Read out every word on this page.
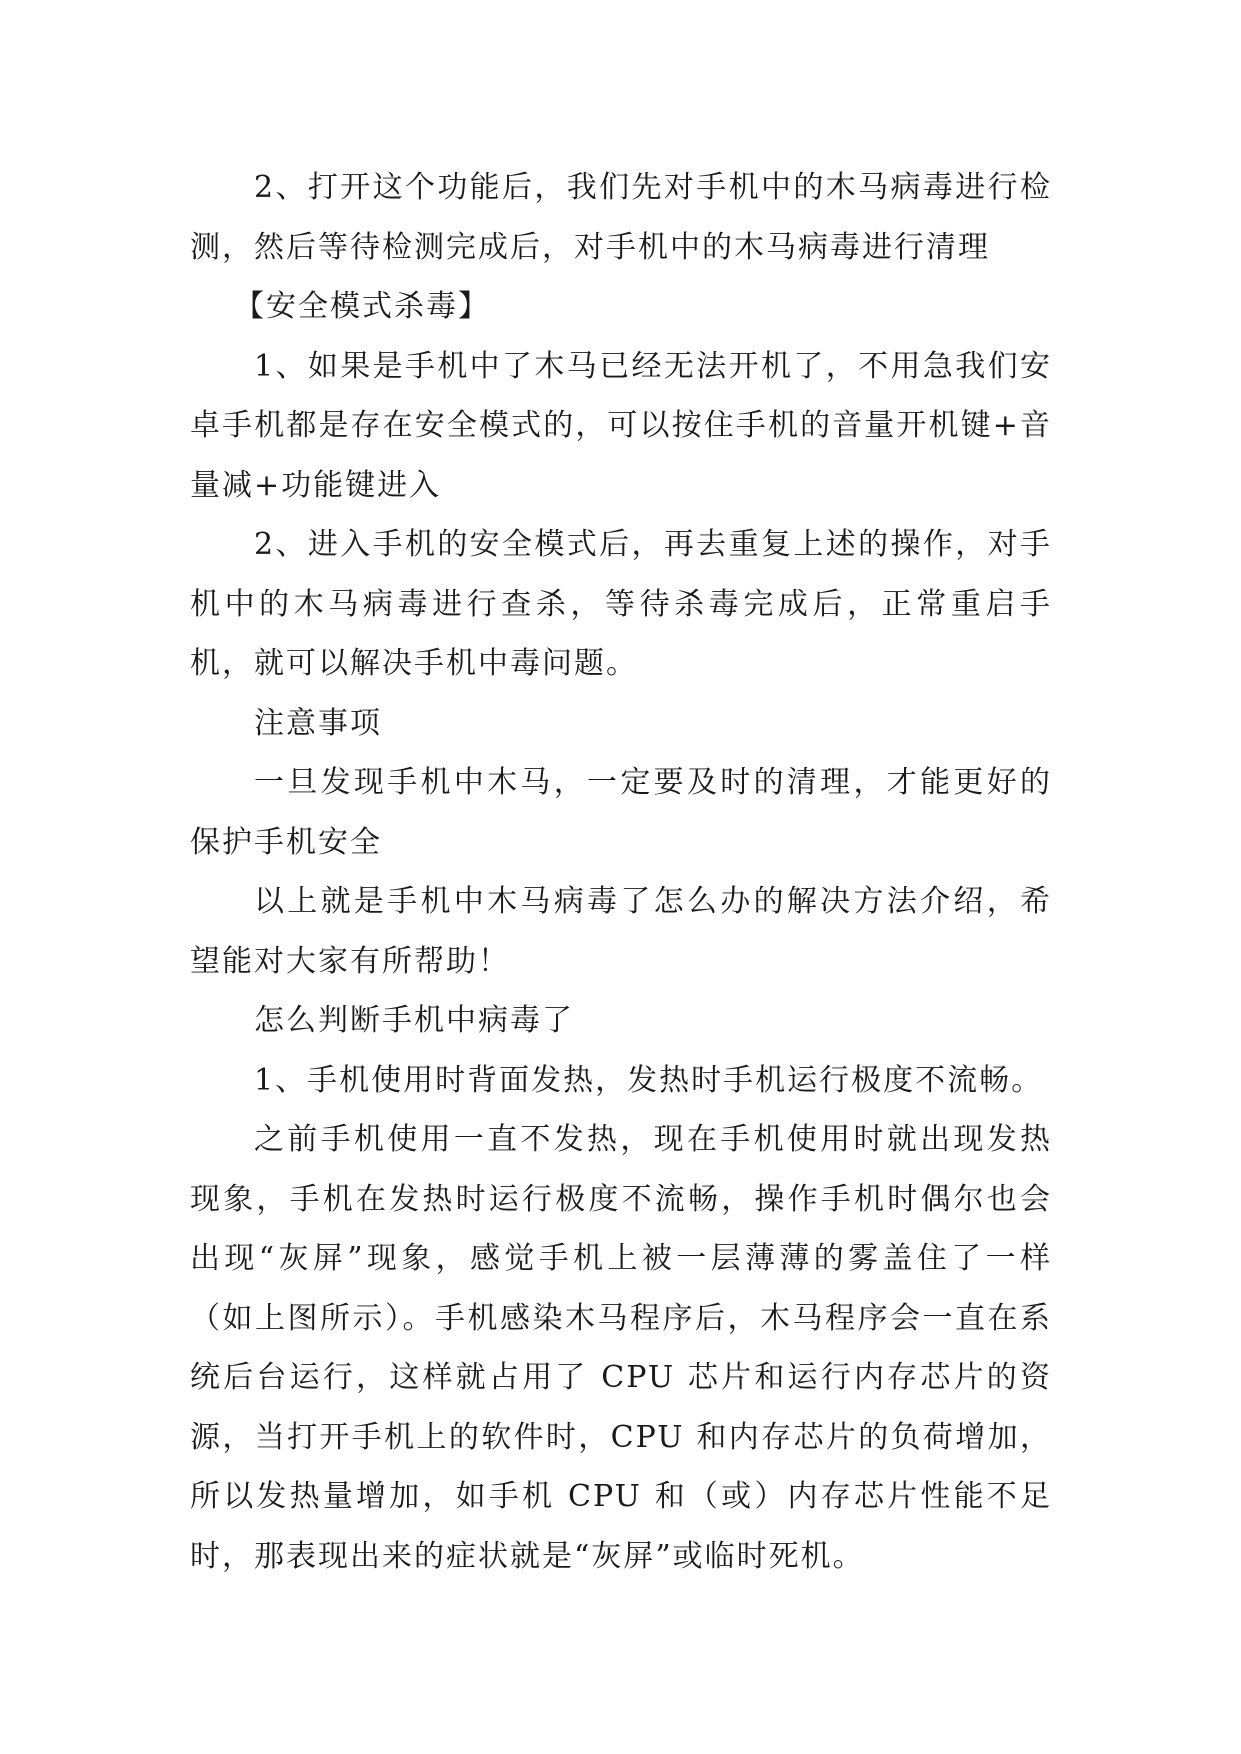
2、打开这个功能后，我们先对手机中的木马病毒进行检测，然后等待检测完成后，对手机中的木马病毒进行清理

【安全模式杀毒】

1、如果是手机中了木马已经无法开机了，不用急我们安卓手机都是存在安全模式的，可以按住手机的音量开机键+音量减+功能键进入

2、进入手机的安全模式后，再去重复上述的操作，对手机中的木马病毒进行查杀，等待杀毒完成后，正常重启手机，就可以解决手机中毒问题。

注意事项

一旦发现手机中木马，一定要及时的清理，才能更好的保护手机安全

以上就是手机中木马病毒了怎么办的解决方法介绍，希望能对大家有所帮助！

怎么判断手机中病毒了

1、手机使用时背面发热，发热时手机运行极度不流畅。

之前手机使用一直不发热，现在手机使用时就出现发热现象，手机在发热时运行极度不流畅，操作手机时偶尔也会出现“灰屏”现象，感觉手机上被一层薄薄的雾盖住了一样（如上图所示）。手机感染木马程序后，木马程序会一直在系统后台运行，这样就占用了 CPU 芯片和运行内存芯片的资源，当打开手机上的软件时，CPU 和内存芯片的负荷增加，所以发热量增加，如手机 CPU 和（或）内存芯片性能不足时，那表现出来的症状就是“灰屏”或临时死机。
